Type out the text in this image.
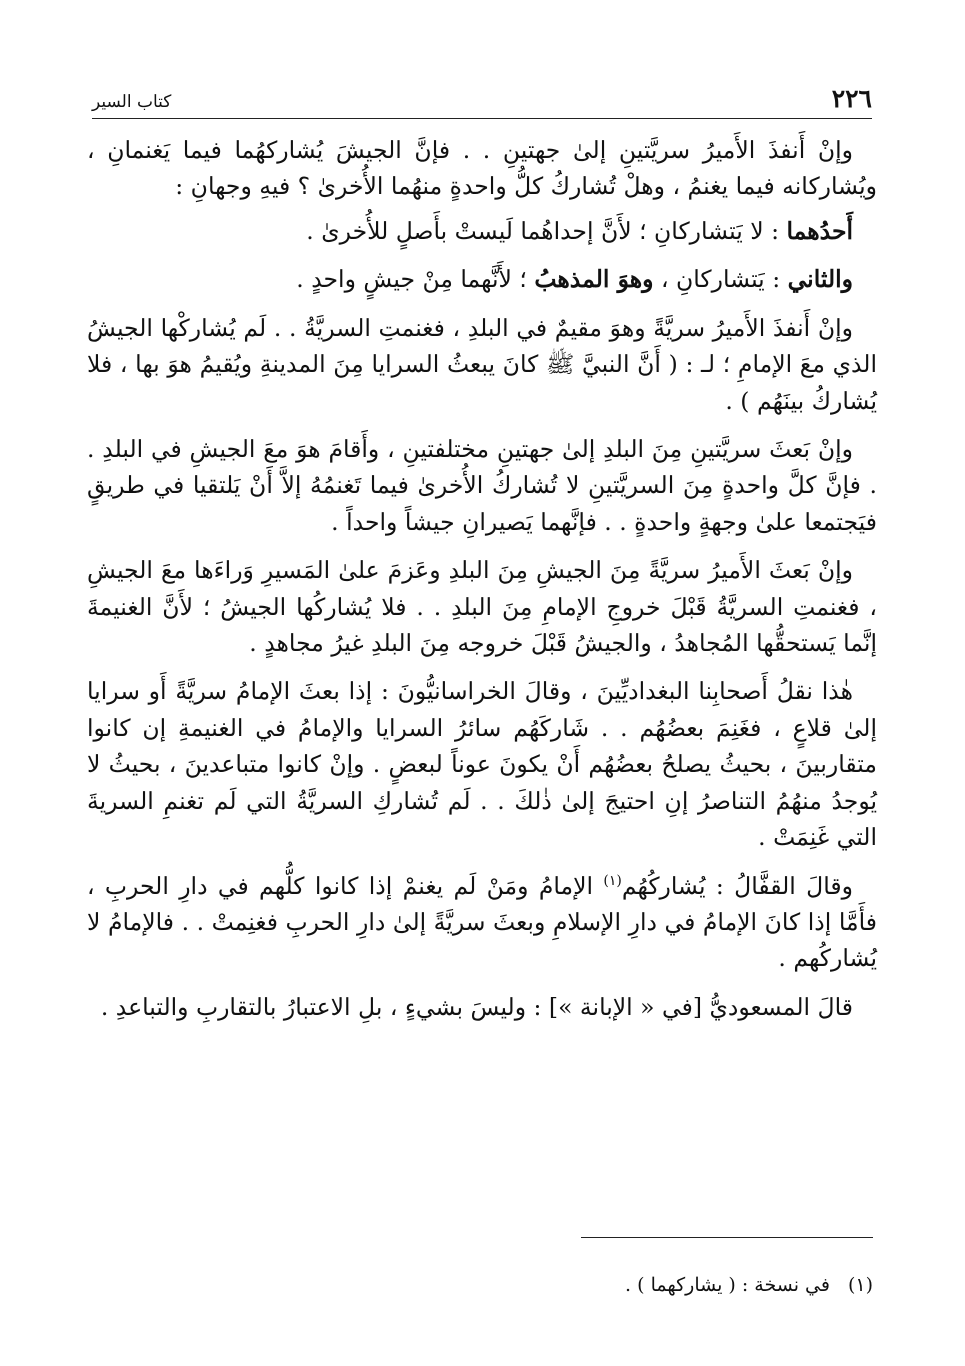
٢٢٦
كتاب السير

وإنْ أَنفذَ الأَميرُ سريَّتينِ إلىٰ جهتينِ . . فإنَّ الجيشَ يُشاركهُما فيما يَغنمانِ ، ويُشاركانه فيما يغنمُ ، وهلْ تُشاركُ كلُّ واحدةٍ منهُما الأُخرىٰ ؟ فيهِ وجهانِ :

أَحدُهما : لا يَتشاركانِ ؛ لأَنَّ إحداهُما لَيستْ بأَصلٍ للأُخرىٰ .

والثاني : يَتشاركانِ ، وهوَ المذهبُ ؛ لأَنَّهما مِنْ جيشٍ واحدٍ .

وإنْ أَنفذَ الأَميرُ سريَّةً وهوَ مقيمٌ في البلدِ ، فغنمتِ السريَّةُ . . لَم يُشاركْها الجيشُ الذي معَ الإمامِ ؛ لـ : ( أَنَّ النبيَّ ﷺ كانَ يبعثُ السرايا مِنَ المدينةِ ويُقيمُ هوَ بها ، فلا يُشاركُ بينَهُم ) .

وإنْ بَعثَ سريَّتينِ مِنَ البلدِ إلىٰ جهتينِ مختلفتينِ ، وأَقامَ هوَ معَ الجيشِ في البلدِ . . فإنَّ كلَّ واحدةٍ مِنَ السريَّتينِ لا تُشاركُ الأُخرىٰ فيما تَغنمُهُ إلاَّ أَنْ يَلتقيا في طريقٍ فيَجتمعا علىٰ وجهةٍ واحدةٍ . . فإنَّهما يَصيرانِ جيشاً واحداً .

وإنْ بَعثَ الأَميرُ سريَّةً مِنَ الجيشِ مِنَ البلدِ وعَزمَ علىٰ المَسيرِ وَراءَها معَ الجيشِ ، فغنمتِ السريَّةُ قَبْلَ خروجِ الإمامِ مِنَ البلدِ . . فلا يُشاركُها الجيشُ ؛ لأَنَّ الغنيمةَ إنَّما يَستحقُّها المُجاهدُ ، والجيشُ قَبْلَ خروجه مِنَ البلدِ غيرُ مجاهدٍ .

هٰذا نقلُ أَصحابِنا البغداديِّينَ ، وقالَ الخراسانيُّونَ : إذا بعثَ الإمامُ سريَّةً أَو سرايا إلىٰ قلاعٍ ، فغَنِمَ بعضُهُم . . شَاركَهُم سائرُ السرايا والإمامُ في الغنيمةِ إن كانوا متقاربينَ ، بحيثُ يصلحُ بعضُهُم أَنْ يكونَ عوناً لبعضٍ . وإنْ كانوا متباعدينَ ، بحيثُ لا يُوجدُ منهُمُ التناصرُ إنِ احتيجَ إلىٰ ذٰلكَ . . لَم تُشاركِ السريَّةُ التي لَم تغنمِ السريةَ التي غَنِمَتْ .

وقالَ القفَّالُ : يُشاركُهُم$^{(١)}$ الإمامُ ومَنْ لَم يغنمْ إذا كانوا كلُّهم في دارِ الحربِ ، فأَمَّا إذا كانَ الإمامُ في دارِ الإسلامِ وبعثَ سريَّةً إلىٰ دارِ الحربِ فغنِمتْ . . فالإمامُ لا يُشاركُهم .

قالَ المسعوديُّ [في « الإبانة »] : وليسَ بشيءٍ ، بلِ الاعتبارُ بالتقاربِ والتباعدِ .

(١)في نسخة : ( يشاركهما ) .
